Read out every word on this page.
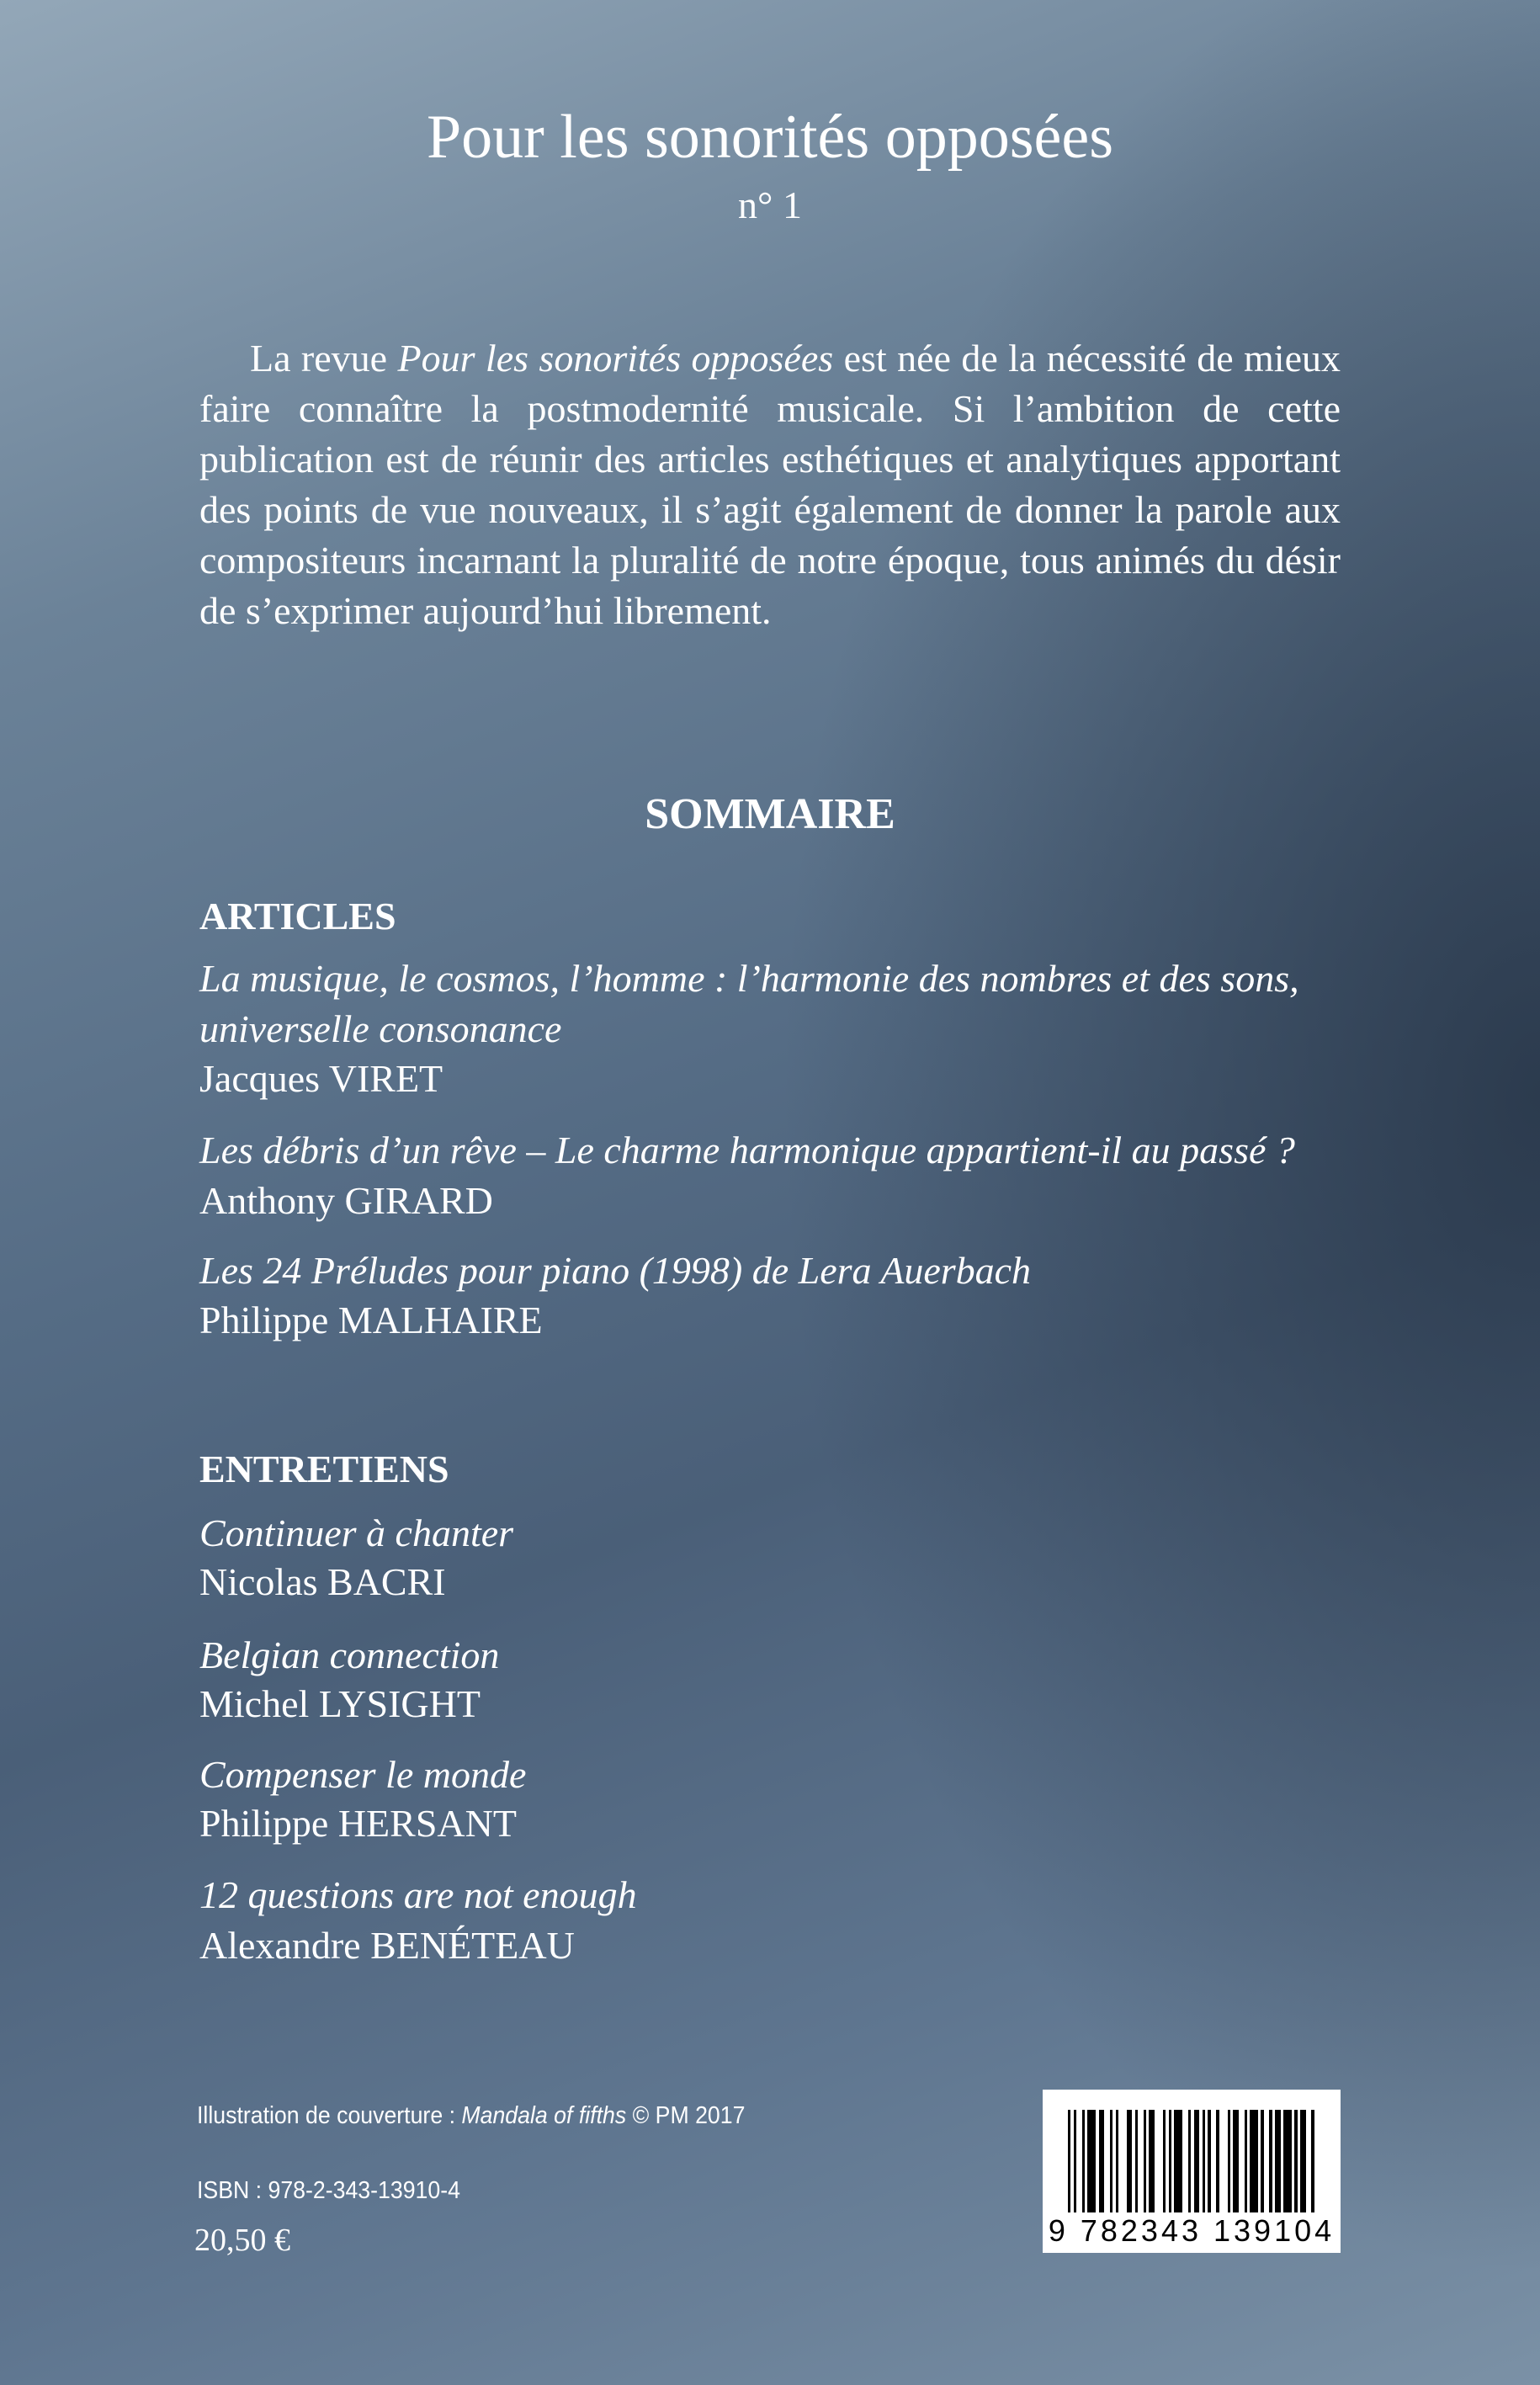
Pour les sonorités opposées
n° 1

La revue Pour les sonorités opposées est née de la nécessité de mieux faire connaître la postmodernité musicale. Si l’ambition de cette publication est de réunir des articles esthétiques et analytiques apportant des points de vue nouveaux, il s’agit également de donner la parole aux compositeurs incarnant la pluralité de notre époque, tous animés du désir de s’exprimer aujourd’hui librement.

SOMMAIRE
ARTICLES
La musique, le cosmos, l’homme : l’harmonie des nombres et des sons,
universelle consonance
Jacques VIRET
Les débris d’un rêve – Le charme harmonique appartient-il au passé ?
Anthony GIRARD
Les 24 Préludes pour piano (1998) de Lera Auerbach
Philippe MALHAIRE
ENTRETIENS
Continuer à chanter
Nicolas BACRI
Belgian connection
Michel LYSIGHT
Compenser le monde
Philippe HERSANT
12 questions are not enough
Alexandre BENÉTEAU
Illustration de couverture : Mandala of fifths © PM 2017
ISBN : 978-2-343-13910-4
20,50 €	9 782343 139104
